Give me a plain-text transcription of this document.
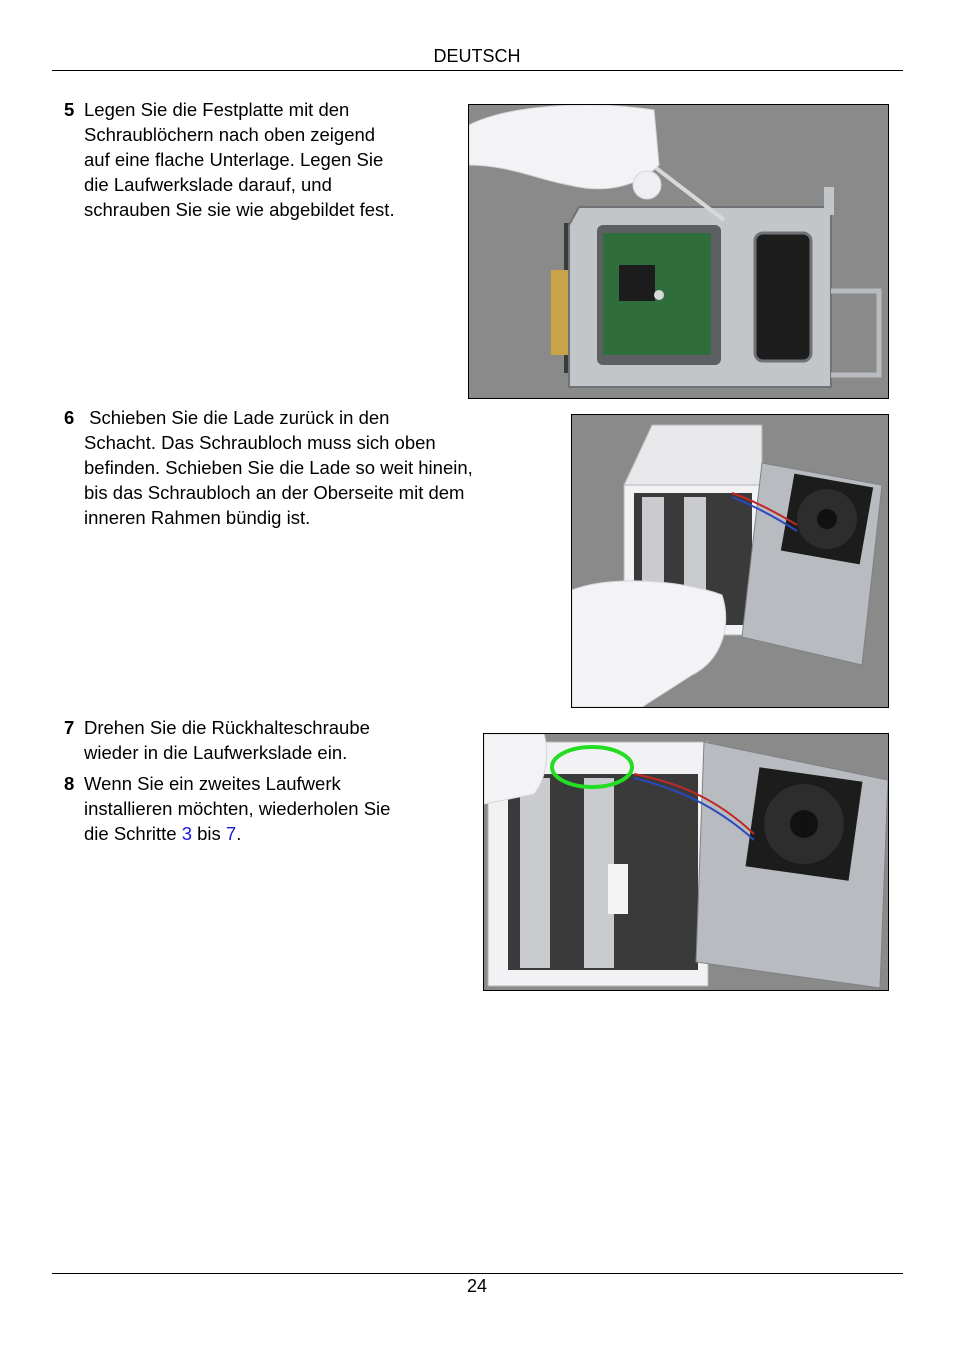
DEUTSCH
5 Legen Sie die Festplatte mit den
Schraublöchern nach oben zeigend
auf eine flache Unterlage. Legen Sie
die Laufwerkslade darauf, und
schrauben Sie sie wie abgebildet fest.
6 Schieben Sie die Lade zurück in den
Schacht. Das Schraubloch muss sich oben
befinden. Schieben Sie die Lade so weit hinein,
bis das Schraubloch an der Oberseite mit dem
inneren Rahmen bündig ist.
7 Drehen Sie die Rückhalteschraube
wieder in die Laufwerkslade ein.
8 Wenn Sie ein zweites Laufwerk
installieren möchten, wiederholen Sie
die Schritte 3 bis 7.
24
